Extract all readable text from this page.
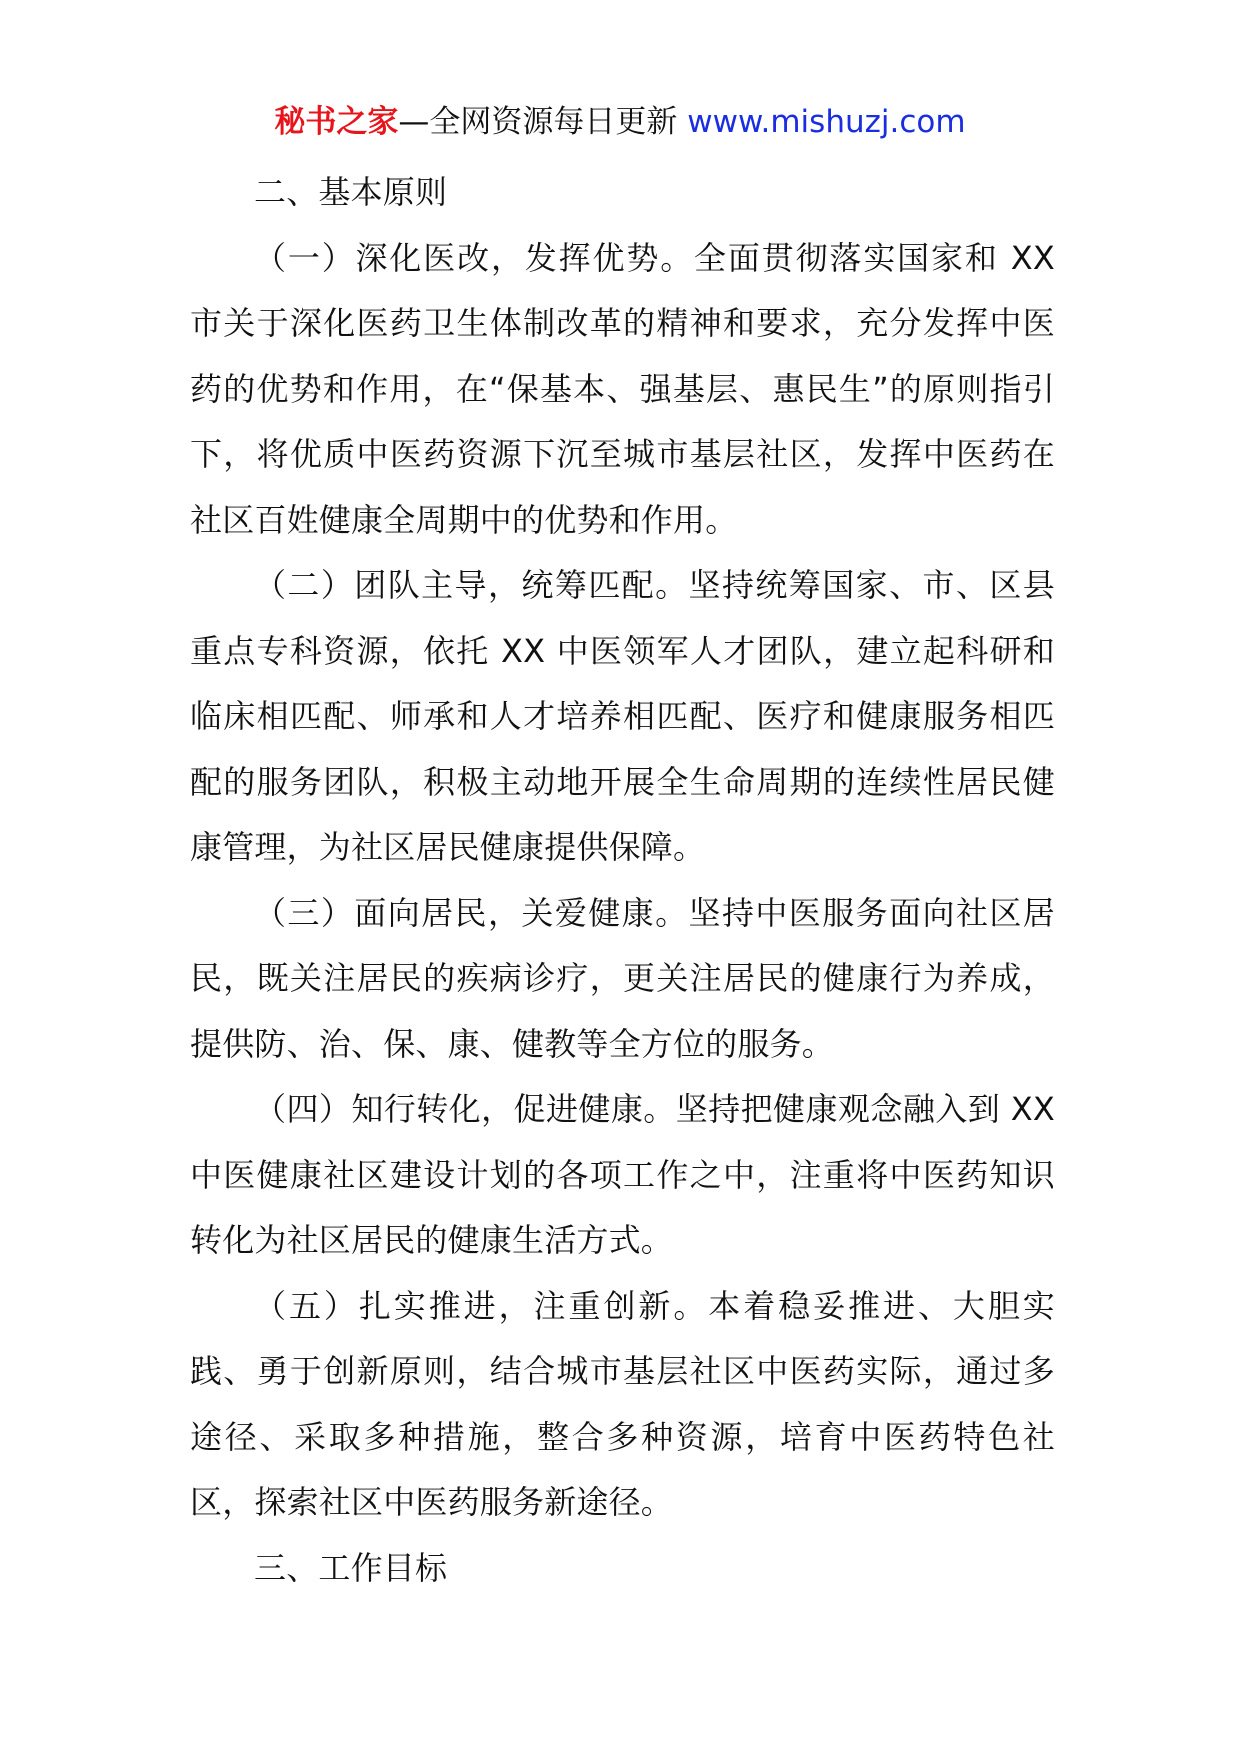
秘书之家—全网资源每日更新 www.mishuzj.com

二、基本原则

（一）深化医改，发挥优势。全面贯彻落实国家和 XX 市关于深化医药卫生体制改革的精神和要求，充分发挥中医药的优势和作用，在“保基本、强基层、惠民生”的原则指引下，将优质中医药资源下沉至城市基层社区，发挥中医药在社区百姓健康全周期中的优势和作用。

（二）团队主导，统筹匹配。坚持统筹国家、市、区县重点专科资源，依托 XX 中医领军人才团队，建立起科研和临床相匹配、师承和人才培养相匹配、医疗和健康服务相匹配的服务团队，积极主动地开展全生命周期的连续性居民健康管理，为社区居民健康提供保障。

（三）面向居民，关爱健康。坚持中医服务面向社区居民，既关注居民的疾病诊疗，更关注居民的健康行为养成，提供防、治、保、康、健教等全方位的服务。

（四）知行转化，促进健康。坚持把健康观念融入到 XX 中医健康社区建设计划的各项工作之中，注重将中医药知识转化为社区居民的健康生活方式。

（五）扎实推进，注重创新。本着稳妥推进、大胆实践、勇于创新原则，结合城市基层社区中医药实际，通过多途径、采取多种措施，整合多种资源，培育中医药特色社区，探索社区中医药服务新途径。

三、工作目标
